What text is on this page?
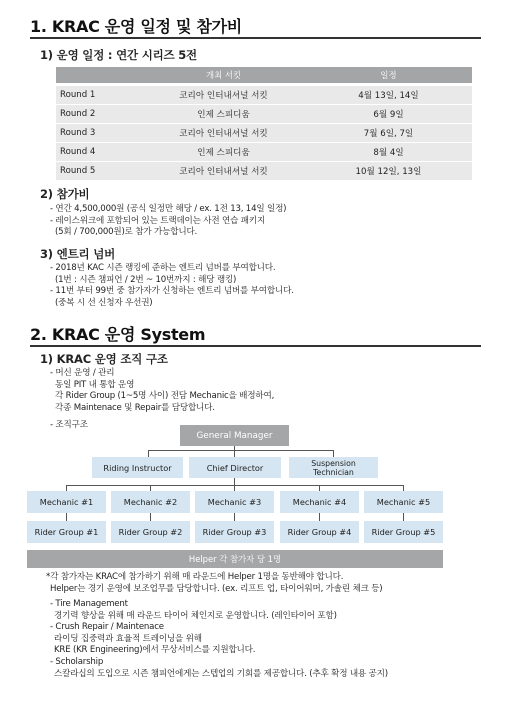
1. KRAC 운영 일정 및 참가비
1) 운영 일정 : 연간 시리즈 5전
개최 서킷	일정
Round 1	코리아 인터내셔널 서킷	4월 13일, 14일
Round 2	인제 스피디움	6월 9일
Round 3	코리아 인터내셔널 서킷	7월 6일, 7일
Round 4	인제 스피디움	8월 4일
Round 5	코리아 인터내셔널 서킷	10월 12일, 13일
2) 참가비
- 연간 4,500,000원 (공식 일정만 해당 / ex. 1전 13, 14일 일정)
- 레이스위크에 포함되어 있는 트랙데이는 사전 연습 패키지
(5회 / 700,000원)로 참가 가능합니다.
3) 엔트리 넘버
- 2018년 KAC 시즌 랭킹에 준하는 엔트리 넘버를 부여합니다.
(1번 : 시즌 챔피언 / 2번 ~ 10번까지 : 해당 랭킹)
- 11번 부터 99번 중 참가자가 신청하는 엔트리 넘버를 부여합니다.
(중복 시 선 신청자 우선권)
2. KRAC 운영 System
1) KRAC 운영 조직 구조
- 머신 운영 / 관리
동일 PIT 내 통합 운영
각 Rider Group (1~5명 사이) 전담 Mechanic을 배정하여,
각종 Maintenace 및 Repair를 담당합니다.
- 조직구조
General Manager
Riding Instructor	Chief Director	Suspension
Technician
Mechanic #1	Mechanic #2	Mechanic #3	Mechanic #4	Mechanic #5
Rider Group #1	Rider Group #2	Rider Group #3	Rider Group #4	Rider Group #5
Helper 각 참가자 당 1명
*각 참가자는 KRAC에 참가하기 위해 매 라운드에 Helper 1명을 동반해야 합니다.
Helper는 경기 운영에 보조업무를 담당합니다. (ex. 리프트 업, 타이어워머, 가솔린 체크 등)
- Tire Management
경기력 향상을 위해 매 라운드 타이어 체인지로 운영합니다. (레인타이어 포함)
- Crush Repair / Maintenace
라이딩 집중력과 효율적 트레이닝을 위해
KRE (KR Engineering)에서 무상서비스를 지원합니다.
- Scholarship
스칼라십의 도입으로 시즌 챔피언에게는 스텝업의 기회를 제공합니다. (추후 확정 내용 공지)
